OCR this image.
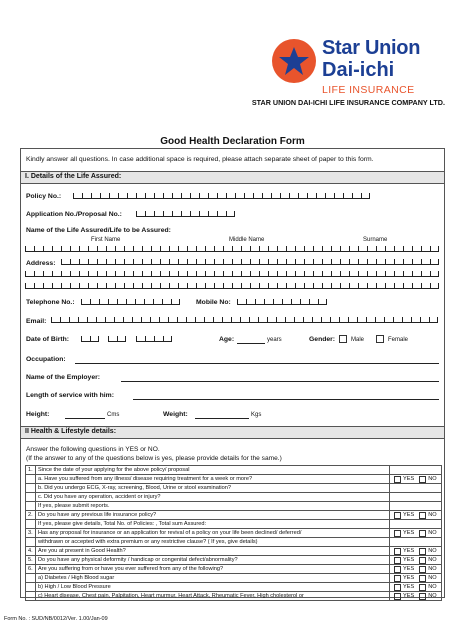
Star Union
Dai-ichi
LIFE INSURANCE
STAR UNION DAI-ICHI LIFE INSURANCE COMPANY LTD.
Good Health Declaration Form
Kindly answer all questions. In case additional space is required, please attach separate sheet of paper to this form.
I. Details of the Life Assured:
Policy No.:
Application No./Proposal No.:
Name of the Life Assured/Life to be Assured:
First Name	Middle Name	Surname
Address:
Telephone No.:	Mobile No:
Email:
Date of Birth:	Age:	years	Gender:	Male	Female
Occupation:
Name of the Employer:
Length of service with him:
Height:	Cms	Weight:	Kgs
II Health & Lifestyle details:
Answer the following questions in YES or NO.
(If the answer to any of the questions below is yes, please provide details for the same.)
1.	Since the date of your applying for the above policy/ proposal	
	a. Have you suffered from any illness/ disease requiring treatment for a week or more?	YES NO

	b. Did you undergo ECG, X-ray, screening, Blood, Urine or stool examination?	
	c. Did you have any operation, accident or injury?	
	If yes, please submit reports.	
2.	Do you have any previous life insurance policy?	YES NO

	If yes, please give details, Total No. of Policies: , Total sum Assured:	
3.	Has any proposal for insurance or an application for revival of a policy on your life been declined/ deferred/	YES NO

	withdrawn or accepted with extra premium or any restrictive clause? ( If yes, give details)	
4.	Are you at present in Good Health?	YES NO

5.	Do you have any physical deformity / handicap or congenital defect/abnormality?	YES NO

6.	Are you suffering from or have you ever suffered from any of the following?	YES NO

	a) Diabetes / High Blood sugar	YES NO

	b) High / Low Blood Pressure	YES NO

	c) Heart disease, Chest pain, Palpitation, Heart murmur, Heart Attack, Rheumatic Fever, High cholesterol or	YES NO
Form No. : SUD/NB/0012/Ver. 1.00/Jan-09
